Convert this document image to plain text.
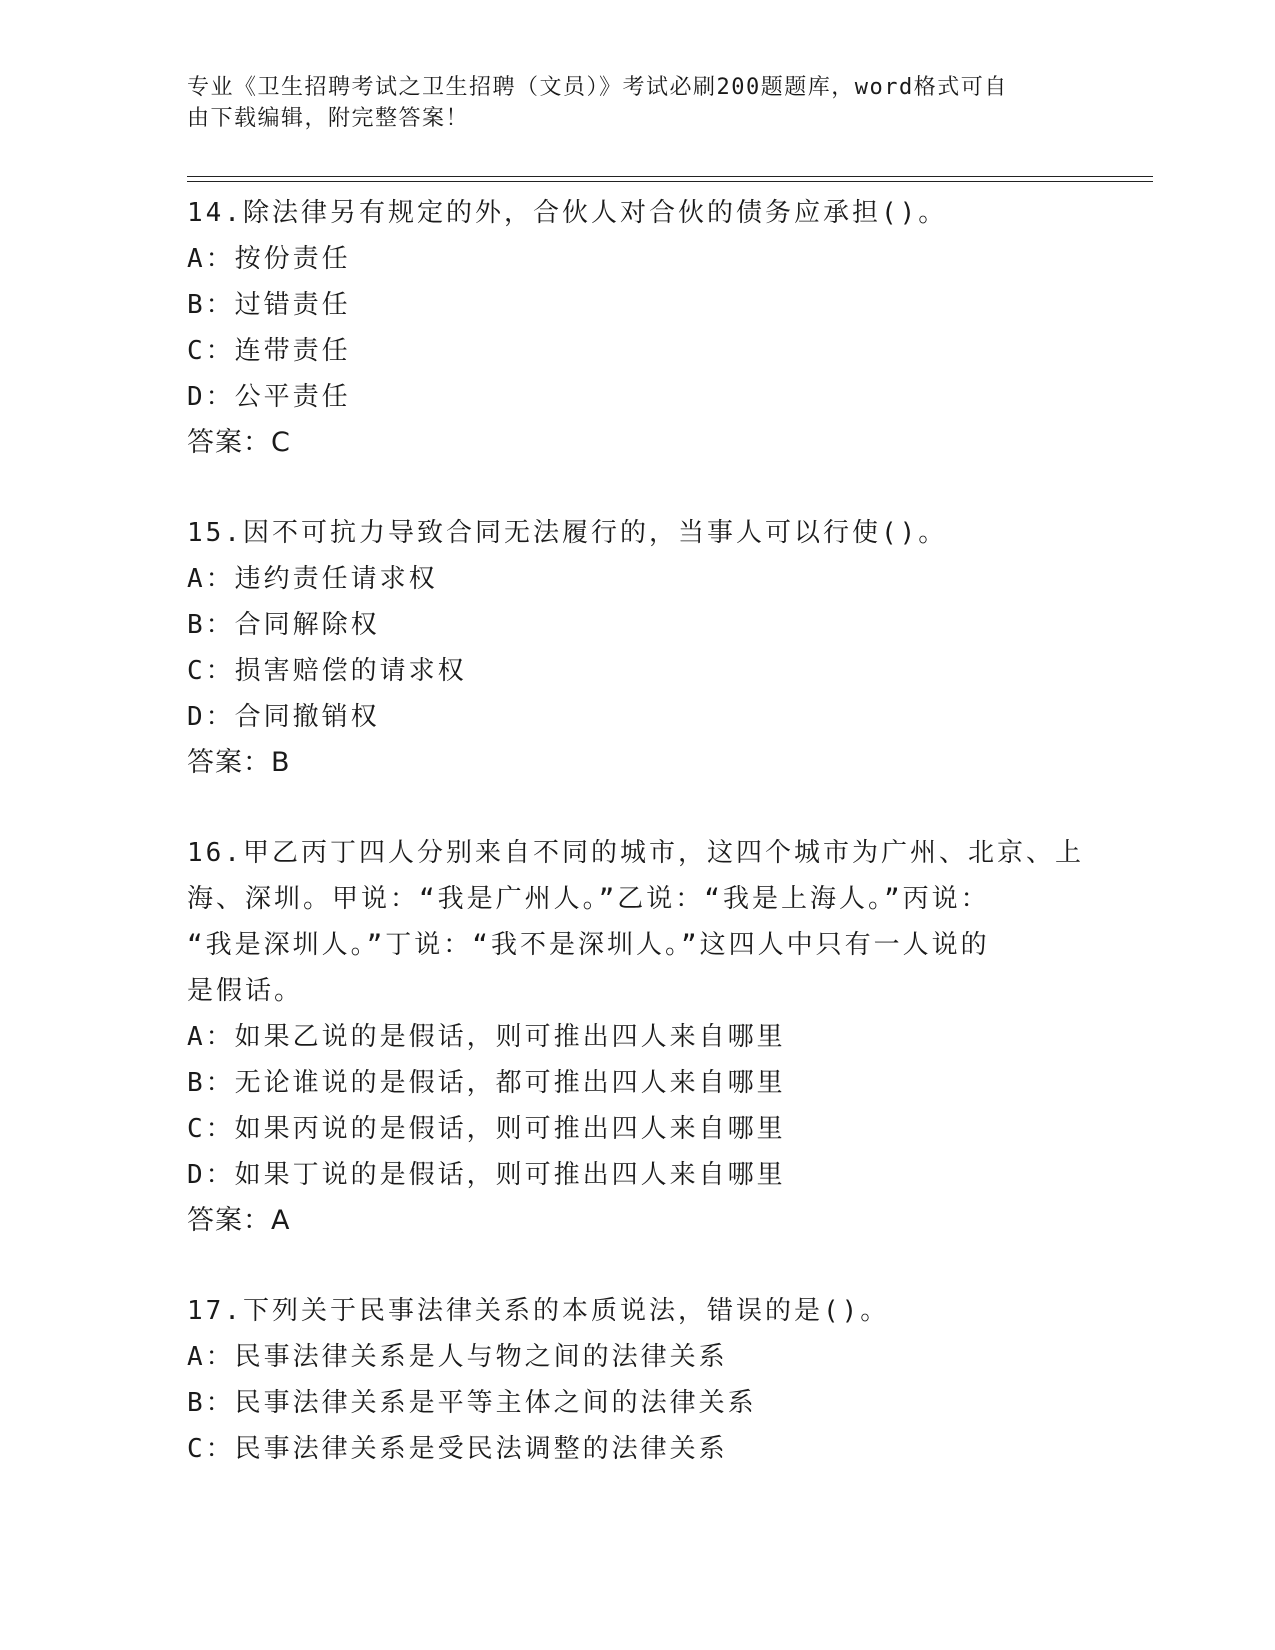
专业《卫生招聘考试之卫生招聘（文员）》考试必刷200题题库，word格式可自

由下载编辑，附完整答案！

14.除法律另有规定的外，合伙人对合伙的债务应承担()。

A：按份责任

B：过错责任

C：连带责任

D：公平责任

答案：C

15.因不可抗力导致合同无法履行的，当事人可以行使()。

A：违约责任请求权

B：合同解除权

C：损害赔偿的请求权

D：合同撤销权

答案：B

16.甲乙丙丁四人分别来自不同的城市，这四个城市为广州、北京、上
海、深圳。甲说：“我是广州人。”乙说：“我是上海人。”丙说：
“我是深圳人。”丁说：“我不是深圳人。”这四人中只有一人说的
是假话。

A：如果乙说的是假话，则可推出四人来自哪里

B：无论谁说的是假话，都可推出四人来自哪里

C：如果丙说的是假话，则可推出四人来自哪里

D：如果丁说的是假话，则可推出四人来自哪里

答案：A

17.下列关于民事法律关系的本质说法，错误的是()。

A：民事法律关系是人与物之间的法律关系

B：民事法律关系是平等主体之间的法律关系

C：民事法律关系是受民法调整的法律关系
